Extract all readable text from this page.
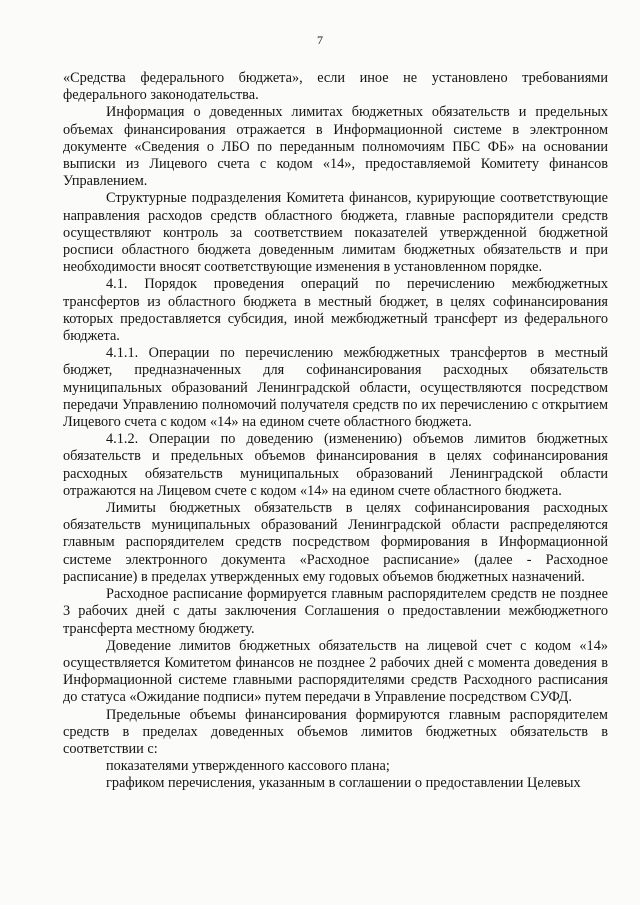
7

«Средства федерального бюджета», если иное не установлено требованиями федерального законодательства.

Информация о доведенных лимитах бюджетных обязательств и предельных объемах финансирования отражается в Информационной системе в электронном документе «Сведения о ЛБО по переданным полномочиям ПБС ФБ» на основании выписки из Лицевого счета с кодом «14», предоставляемой Комитету финансов Управлением.

Структурные подразделения Комитета финансов, курирующие соответствующие направления расходов средств областного бюджета, главные распорядители средств осуществляют контроль за соответствием показателей утвержденной бюджетной росписи областного бюджета доведенным лимитам бюджетных обязательств и при необходимости вносят соответствующие изменения в установленном порядке.

4.1. Порядок проведения операций по перечислению межбюджетных трансфертов из областного бюджета в местный бюджет, в целях софинансирования которых предоставляется субсидия, иной межбюджетный трансферт из федерального бюджета.

4.1.1. Операции по перечислению межбюджетных трансфертов в местный бюджет, предназначенных для софинансирования расходных обязательств муниципальных образований Ленинградской области, осуществляются посредством передачи Управлению полномочий получателя средств по их перечислению с открытием Лицевого счета с кодом «14» на едином счете областного бюджета.

4.1.2. Операции по доведению (изменению) объемов лимитов бюджетных обязательств и предельных объемов финансирования в целях софинансирования расходных обязательств муниципальных образований Ленинградской области отражаются на Лицевом счете с кодом «14» на едином счете областного бюджета.

Лимиты бюджетных обязательств в целях софинансирования расходных обязательств муниципальных образований Ленинградской области распределяются главным распорядителем средств посредством формирования в Информационной системе электронного документа «Расходное расписание» (далее - Расходное расписание) в пределах утвержденных ему годовых объемов бюджетных назначений.

Расходное расписание формируется главным распорядителем средств не позднее 3 рабочих дней с даты заключения Соглашения о предоставлении межбюджетного трансферта местному бюджету.

Доведение лимитов бюджетных обязательств на лицевой счет с кодом «14» осуществляется Комитетом финансов не позднее 2 рабочих дней с момента доведения в Информационной системе главными распорядителями средств Расходного расписания до статуса «Ожидание подписи» путем передачи в Управление посредством СУФД.

Предельные объемы финансирования формируются главным распорядителем средств в пределах доведенных объемов лимитов бюджетных обязательств в соответствии с:

показателями утвержденного кассового плана;

графиком перечисления, указанным в соглашении о предоставлении Целевых
